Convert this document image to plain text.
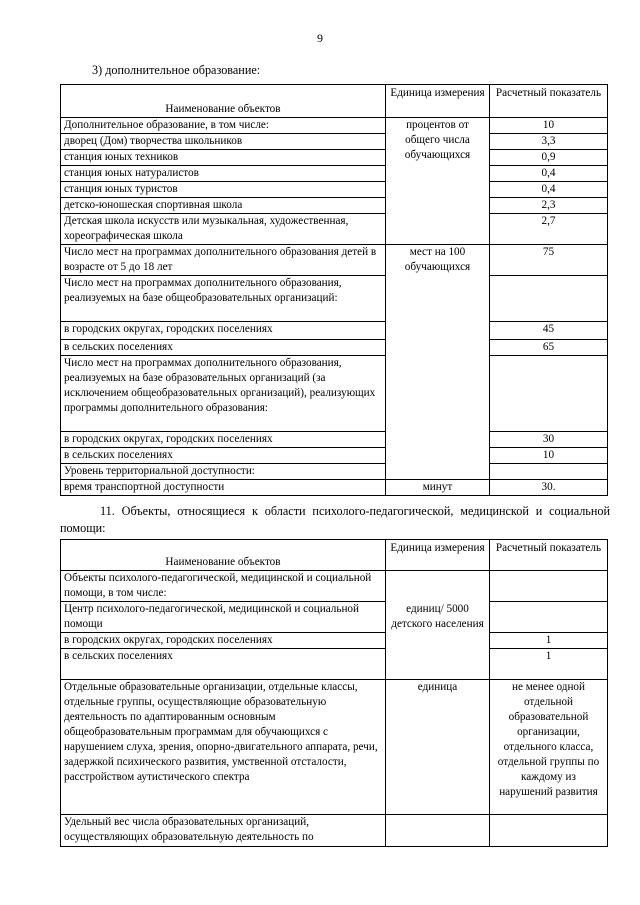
9
3) дополнительное образование:
Наименование объектов	Единица измерения	Расчетный показатель
Дополнительное образование, в том числе:	процентов от общего числа обучающихся	10
дворец (Дом) творчества школьников		3,3
станция юных техников		0,9
станция юных натуралистов		0,4
станция юных туристов		0,4
детско-юношеская спортивная школа		2,3
Детская школа искусств или музыкальная, художественная, хореографическая школа		2,7
Число мест на программах дополнительного образования детей в возрасте от 5 до 18 лет	мест на 100 обучающихся	75
Число мест на программах дополнительного образования, реализуемых на базе общеобразовательных организаций:		
в городских округах, городских поселениях		45
в сельских поселениях		65
Число мест на программах дополнительного образования, реализуемых на базе образовательных организаций (за исключением общеобразовательных организаций), реализующих программы дополнительного образования:		
в городских округах, городских поселениях		30
в сельских поселениях		10
Уровень территориальной доступности:		
время транспортной доступности	минут	30.
11. Объекты, относящиеся к области психолого-педагогической, медицинской и социальной помощи:
Наименование объектов	Единица измерения	Расчетный показатель
Объекты психолого-педагогической, медицинской и социальной помощи, в том числе:	единиц/ 5000 детского населения	
Центр психолого-педагогической, медицинской и социальной помощи		
в городских округах, городских поселениях		1
в сельских поселениях		1

Отдельные образовательные организации, отдельные классы, отдельные группы, осуществляющие образовательную деятельность по адаптированным основным общеобразовательным программам для обучающихся с нарушением слуха, зрения, опорно-двигательного аппарата, речи, задержкой психического развития, умственной отсталости, расстройством аутистического спектра	единица	не менее одной отдельной образовательной организации, отдельного класса, отдельной группы по каждому из нарушений развития
Удельный вес числа образовательных организаций, осуществляющих образовательную деятельность по		
